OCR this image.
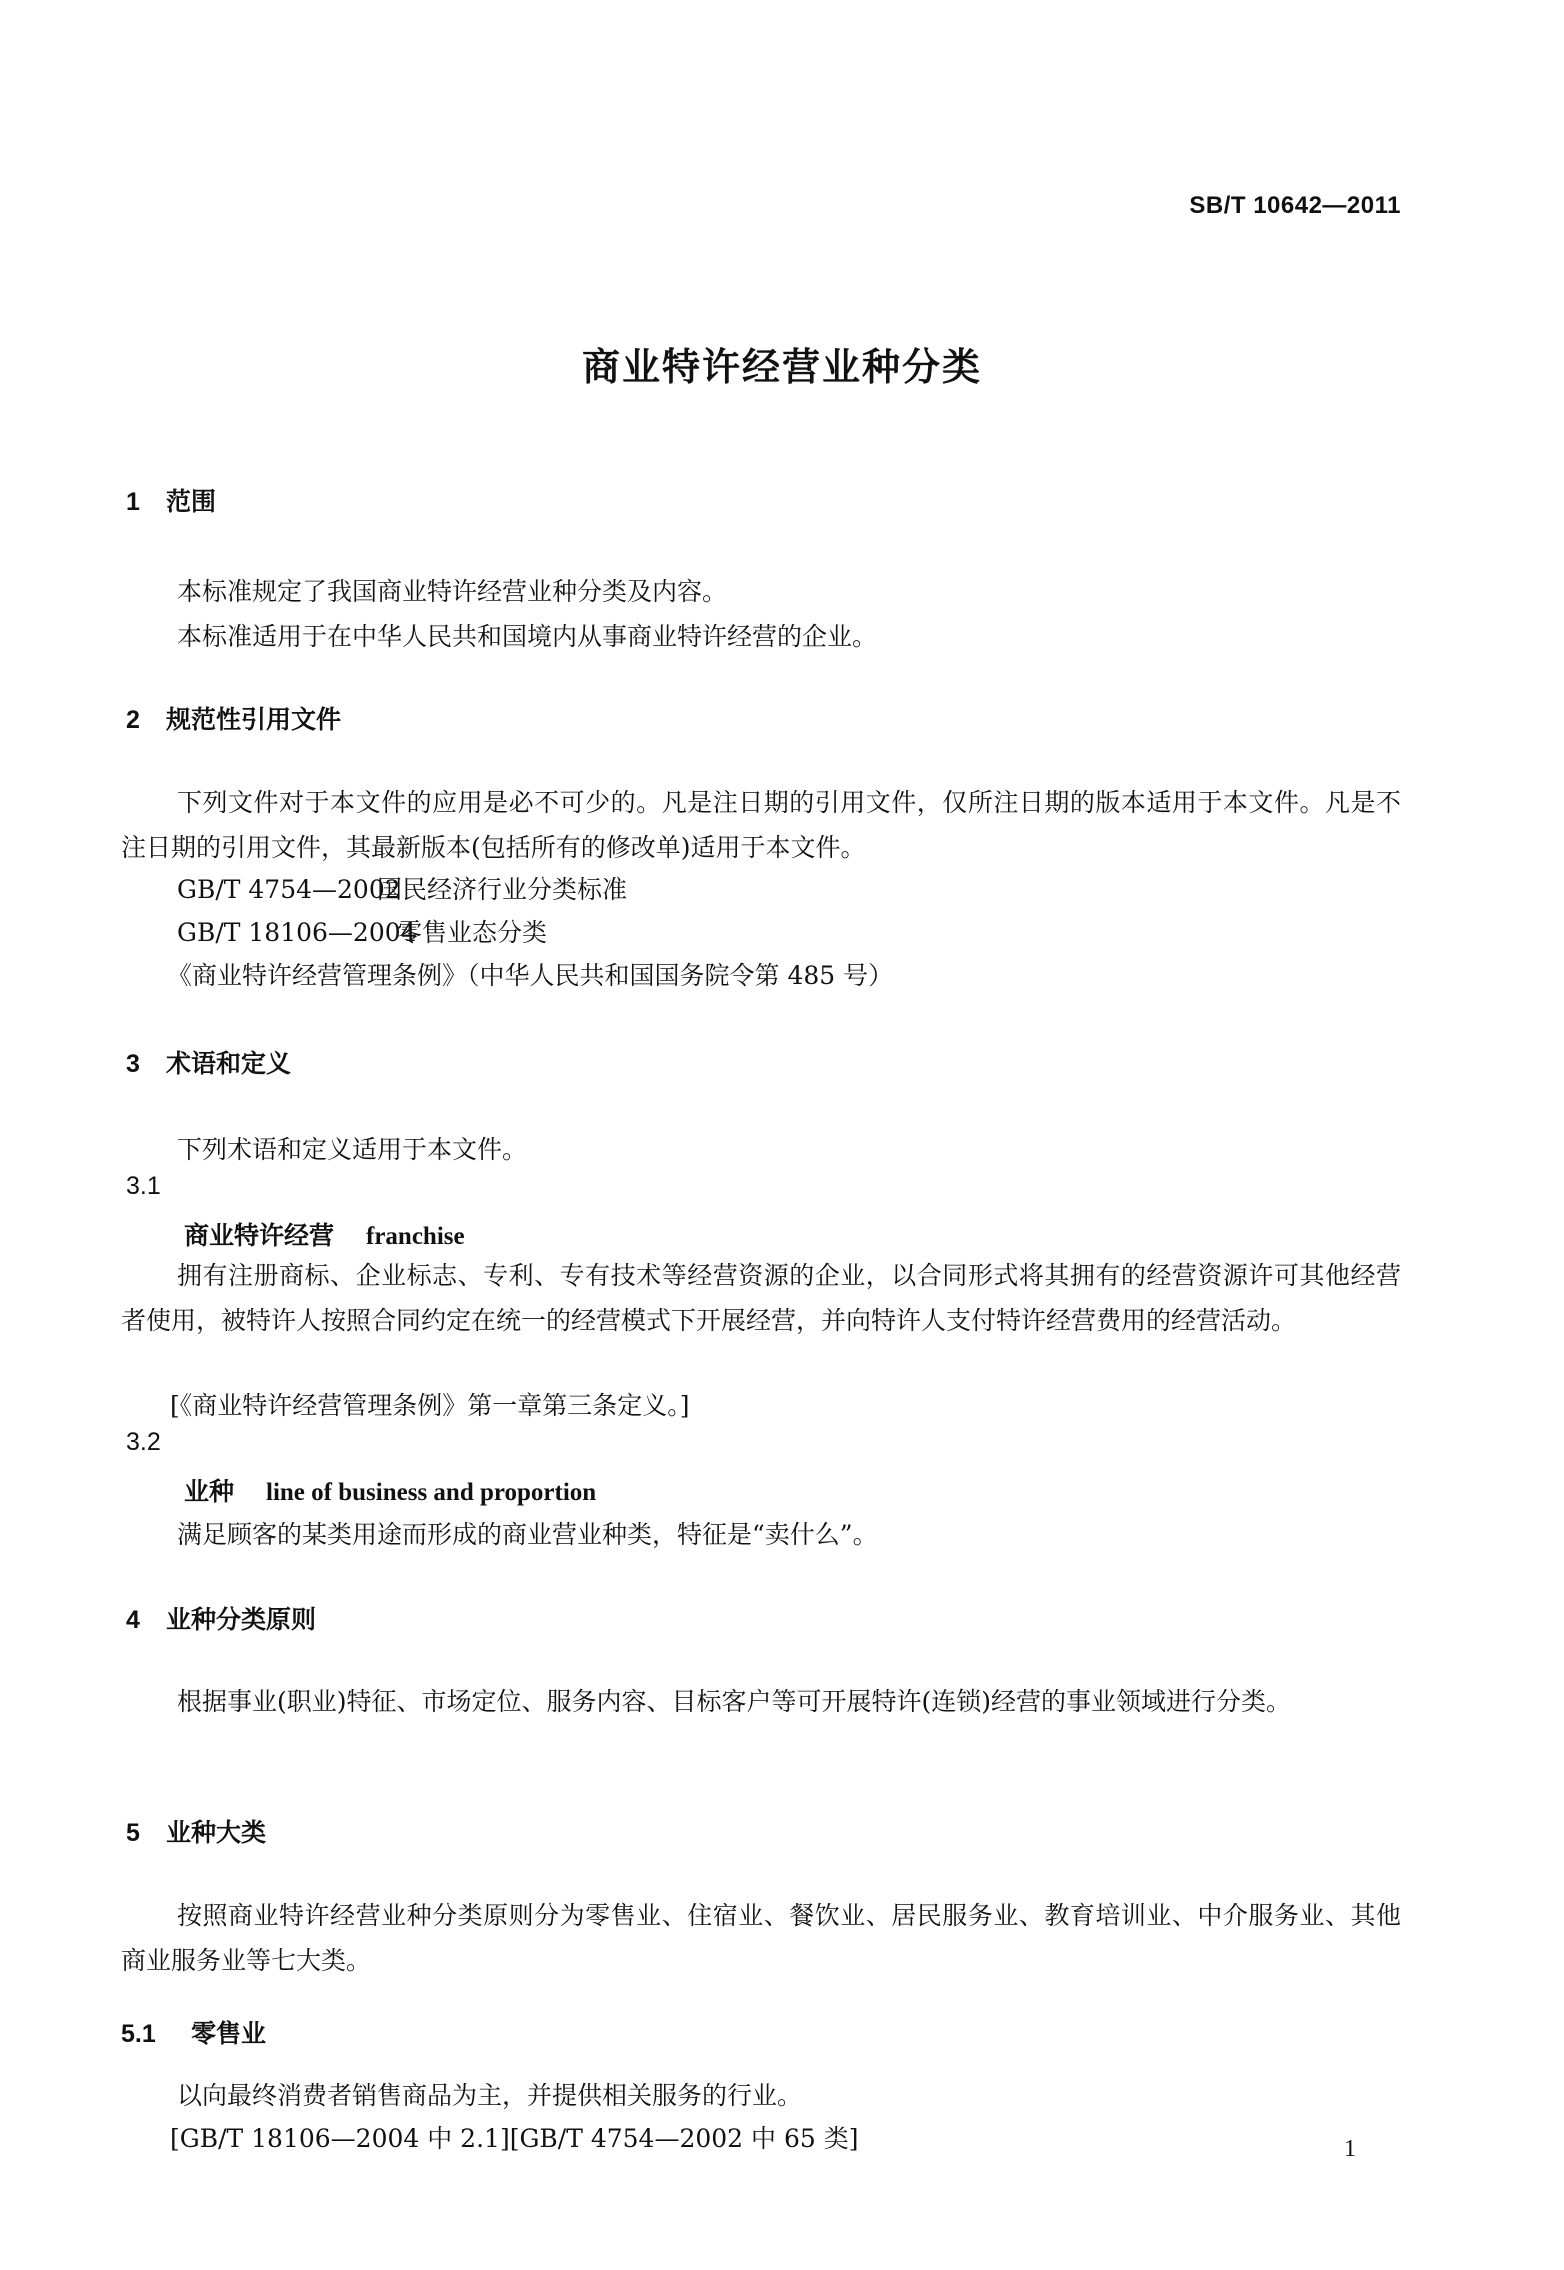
SB/T 10642—2011
商业特许经营业种分类
1 范围
本标准规定了我国商业特许经营业种分类及内容。
本标准适用于在中华人民共和国境内从事商业特许经营的企业。
2 规范性引用文件
下列文件对于本文件的应用是必不可少的。凡是注日期的引用文件，仅所注日期的版本适用于本文件。凡是不注日期的引用文件，其最新版本(包括所有的修改单)适用于本文件。
GB/T 4754—2002国民经济行业分类标准
GB/T 18106—2004零售业态分类
《商业特许经营管理条例》（中华人民共和国国务院令第 485 号）
3 术语和定义
下列术语和定义适用于本文件。
3.1
商业特许经营 franchise
拥有注册商标、企业标志、专利、专有技术等经营资源的企业，以合同形式将其拥有的经营资源许可其他经营者使用，被特许人按照合同约定在统一的经营模式下开展经营，并向特许人支付特许经营费用的经营活动。
[《商业特许经营管理条例》第一章第三条定义。]
3.2
业种 line of business and proportion
满足顾客的某类用途而形成的商业营业种类，特征是“卖什么”。
4 业种分类原则
根据事业(职业)特征、市场定位、服务内容、目标客户等可开展特许(连锁)经营的事业领域进行分类。
5 业种大类
按照商业特许经营业种分类原则分为零售业、住宿业、餐饮业、居民服务业、教育培训业、中介服务业、其他商业服务业等七大类。
5.1 零售业
以向最终消费者销售商品为主，并提供相关服务的行业。
[GB/T 18106—2004 中 2.1][GB/T 4754—2002 中 65 类]	1
